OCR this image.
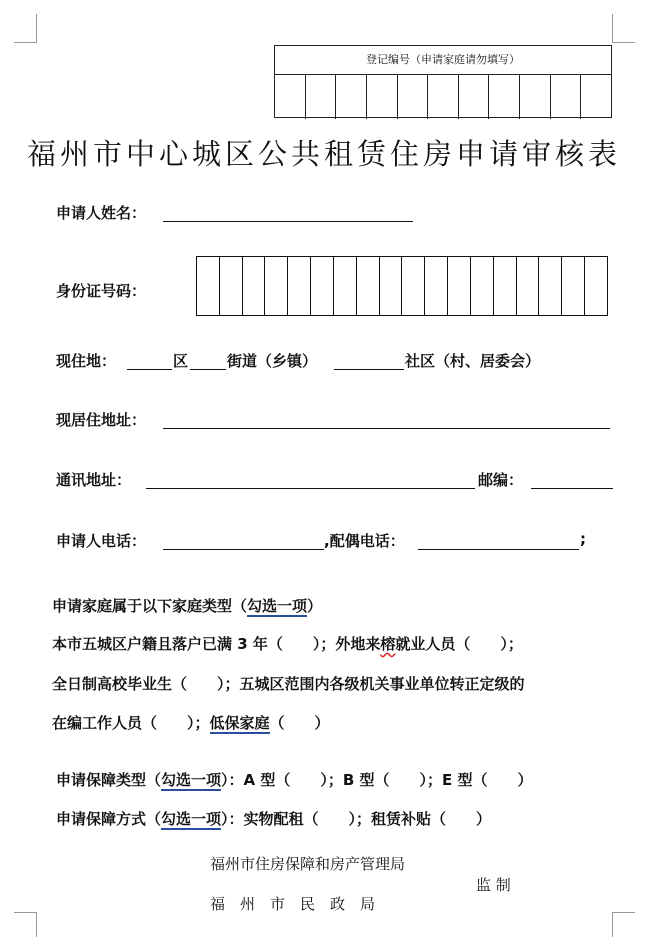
登记编号（申请家庭请勿填写）
福州市中心城区公共租赁住房申请审核表
申请人姓名：
身份证号码：
现住地：	区	街道（乡镇）	社区（村、居委会）
现居住地址：
通讯地址：	邮编：
申请人电话：	,配偶电话：	;
申请家庭属于以下家庭类型（勾选一项）
本市五城区户籍且落户已满 3 年（　　）；外地来榕就业人员（　　）；
全日制高校毕业生（　　）；五城区范围内各级机关事业单位转正定级的
在编工作人员（　　）；低保家庭（　　）
申请保障类型（勾选一项）：A 型（　　）；B 型（　　）；E 型（　　）
申请保障方式（勾选一项）：实物配租（　　）；租赁补贴（　　）
福州市住房保障和房产管理局
福　州　市　民　政　局
监 制
